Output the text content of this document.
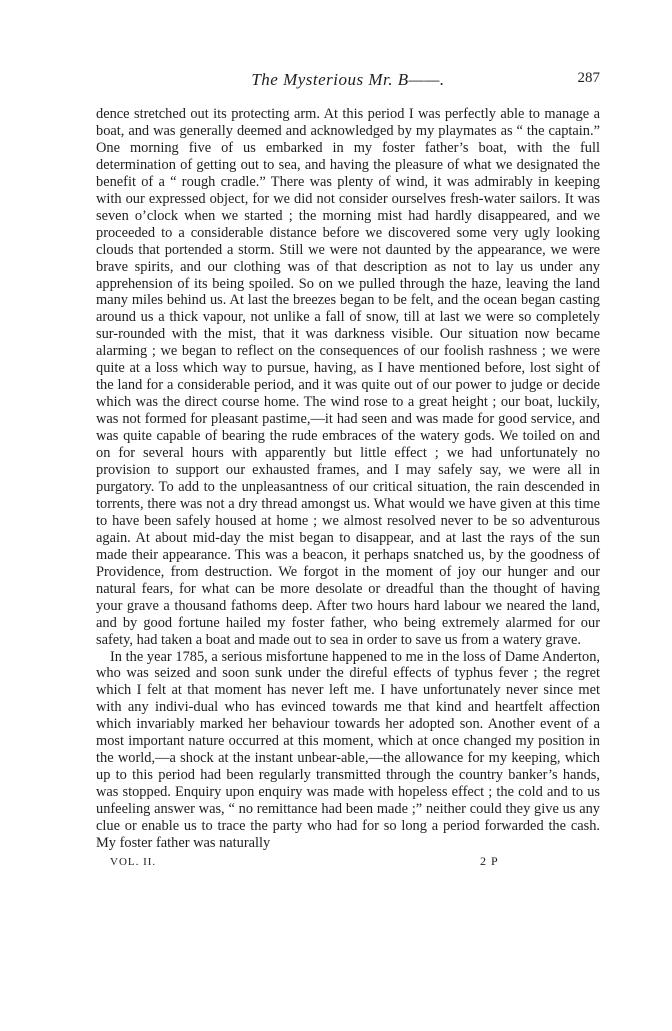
The Mysterious Mr. B——.	287

dence stretched out its protecting arm. At this period I was perfectly able to manage a boat, and was generally deemed and acknowledged by my playmates as “ the captain.” One morning five of us embarked in my foster father’s boat, with the full determination of getting out to sea, and having the pleasure of what we designated the benefit of a “ rough cradle.” There was plenty of wind, it was admirably in keeping with our expressed object, for we did not consider ourselves fresh-water sailors. It was seven o’clock when we started ; the morning mist had hardly disappeared, and we proceeded to a considerable distance before we discovered some very ugly looking clouds that portended a storm. Still we were not daunted by the appearance, we were brave spirits, and our clothing was of that description as not to lay us under any apprehension of its being spoiled. So on we pulled through the haze, leaving the land many miles behind us. At last the breezes began to be felt, and the ocean began casting around us a thick vapour, not unlike a fall of snow, till at last we were so completely sur-rounded with the mist, that it was darkness visible. Our situation now became alarming ; we began to reflect on the consequences of our foolish rashness ; we were quite at a loss which way to pursue, having, as I have mentioned before, lost sight of the land for a considerable period, and it was quite out of our power to judge or decide which was the direct course home. The wind rose to a great height ; our boat, luckily, was not formed for pleasant pastime,—it had seen and was made for good service, and was quite capable of bearing the rude embraces of the watery gods. We toiled on and on for several hours with apparently but little effect ; we had unfortunately no provision to support our exhausted frames, and I may safely say, we were all in purgatory. To add to the unpleasantness of our critical situation, the rain descended in torrents, there was not a dry thread amongst us. What would we have given at this time to have been safely housed at home ; we almost resolved never to be so adventurous again. At about mid-day the mist began to disappear, and at last the rays of the sun made their appearance. This was a beacon, it perhaps snatched us, by the goodness of Providence, from destruction. We forgot in the moment of joy our hunger and our natural fears, for what can be more desolate or dreadful than the thought of having your grave a thousand fathoms deep. After two hours hard labour we neared the land, and by good fortune hailed my foster father, who being extremely alarmed for our safety, had taken a boat and made out to sea in order to save us from a watery grave.

In the year 1785, a serious misfortune happened to me in the loss of Dame Anderton, who was seized and soon sunk under the direful effects of typhus fever ; the regret which I felt at that moment has never left me. I have unfortunately never since met with any indivi-dual who has evinced towards me that kind and heartfelt affection which invariably marked her behaviour towards her adopted son. Another event of a most important nature occurred at this moment, which at once changed my position in the world,—a shock at the instant unbear-able,—the allowance for my keeping, which up to this period had been regularly transmitted through the country banker’s hands, was stopped. Enquiry upon enquiry was made with hopeless effect ; the cold and to us unfeeling answer was, “ no remittance had been made ;” neither could they give us any clue or enable us to trace the party who had for so long a period forwarded the cash. My foster father was naturally

VOL. II.	2 P
